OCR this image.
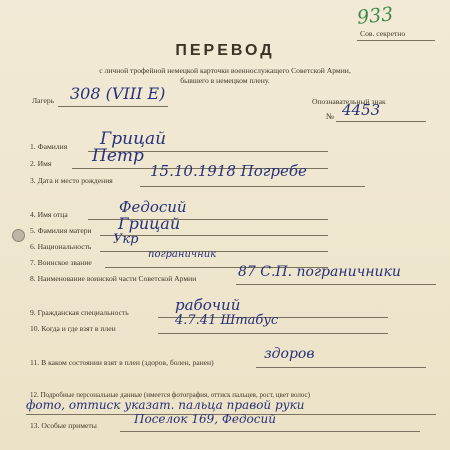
933
Сов. секретно
ПЕРЕВОД
с личной трофейной немецкой карточки военнослужащего Советской Армии,
бывшего в немецком плену.
Лагерь 308 (VIII E)	Опознавательный знак
№ 4453
1. Фамилия Грицай
2. Имя Петр
3. Дата и место рождения
15.10.1918 Погребе
4. Имя отца	Федосий
5. Фамилия матери Грицай
6. Национальность Укр
7. Воинское звание
пограничник
8. Наименование воинской части Советской Армии	87 С.П. пограничники
9. Гражданская специальность	рабочий
10. Когда и где взят в плен
4.7.41 Штабуc
11. В каком состоянии взят в плен (здоров, болен, ранен)
здоров
12. Подробные персональные данные (имеется фотография, оттиск пальцев, рост, цвет волос)
фото, оттиск указат. пальца правой руки
13. Особые приметы	Поселок 169, Федосий
